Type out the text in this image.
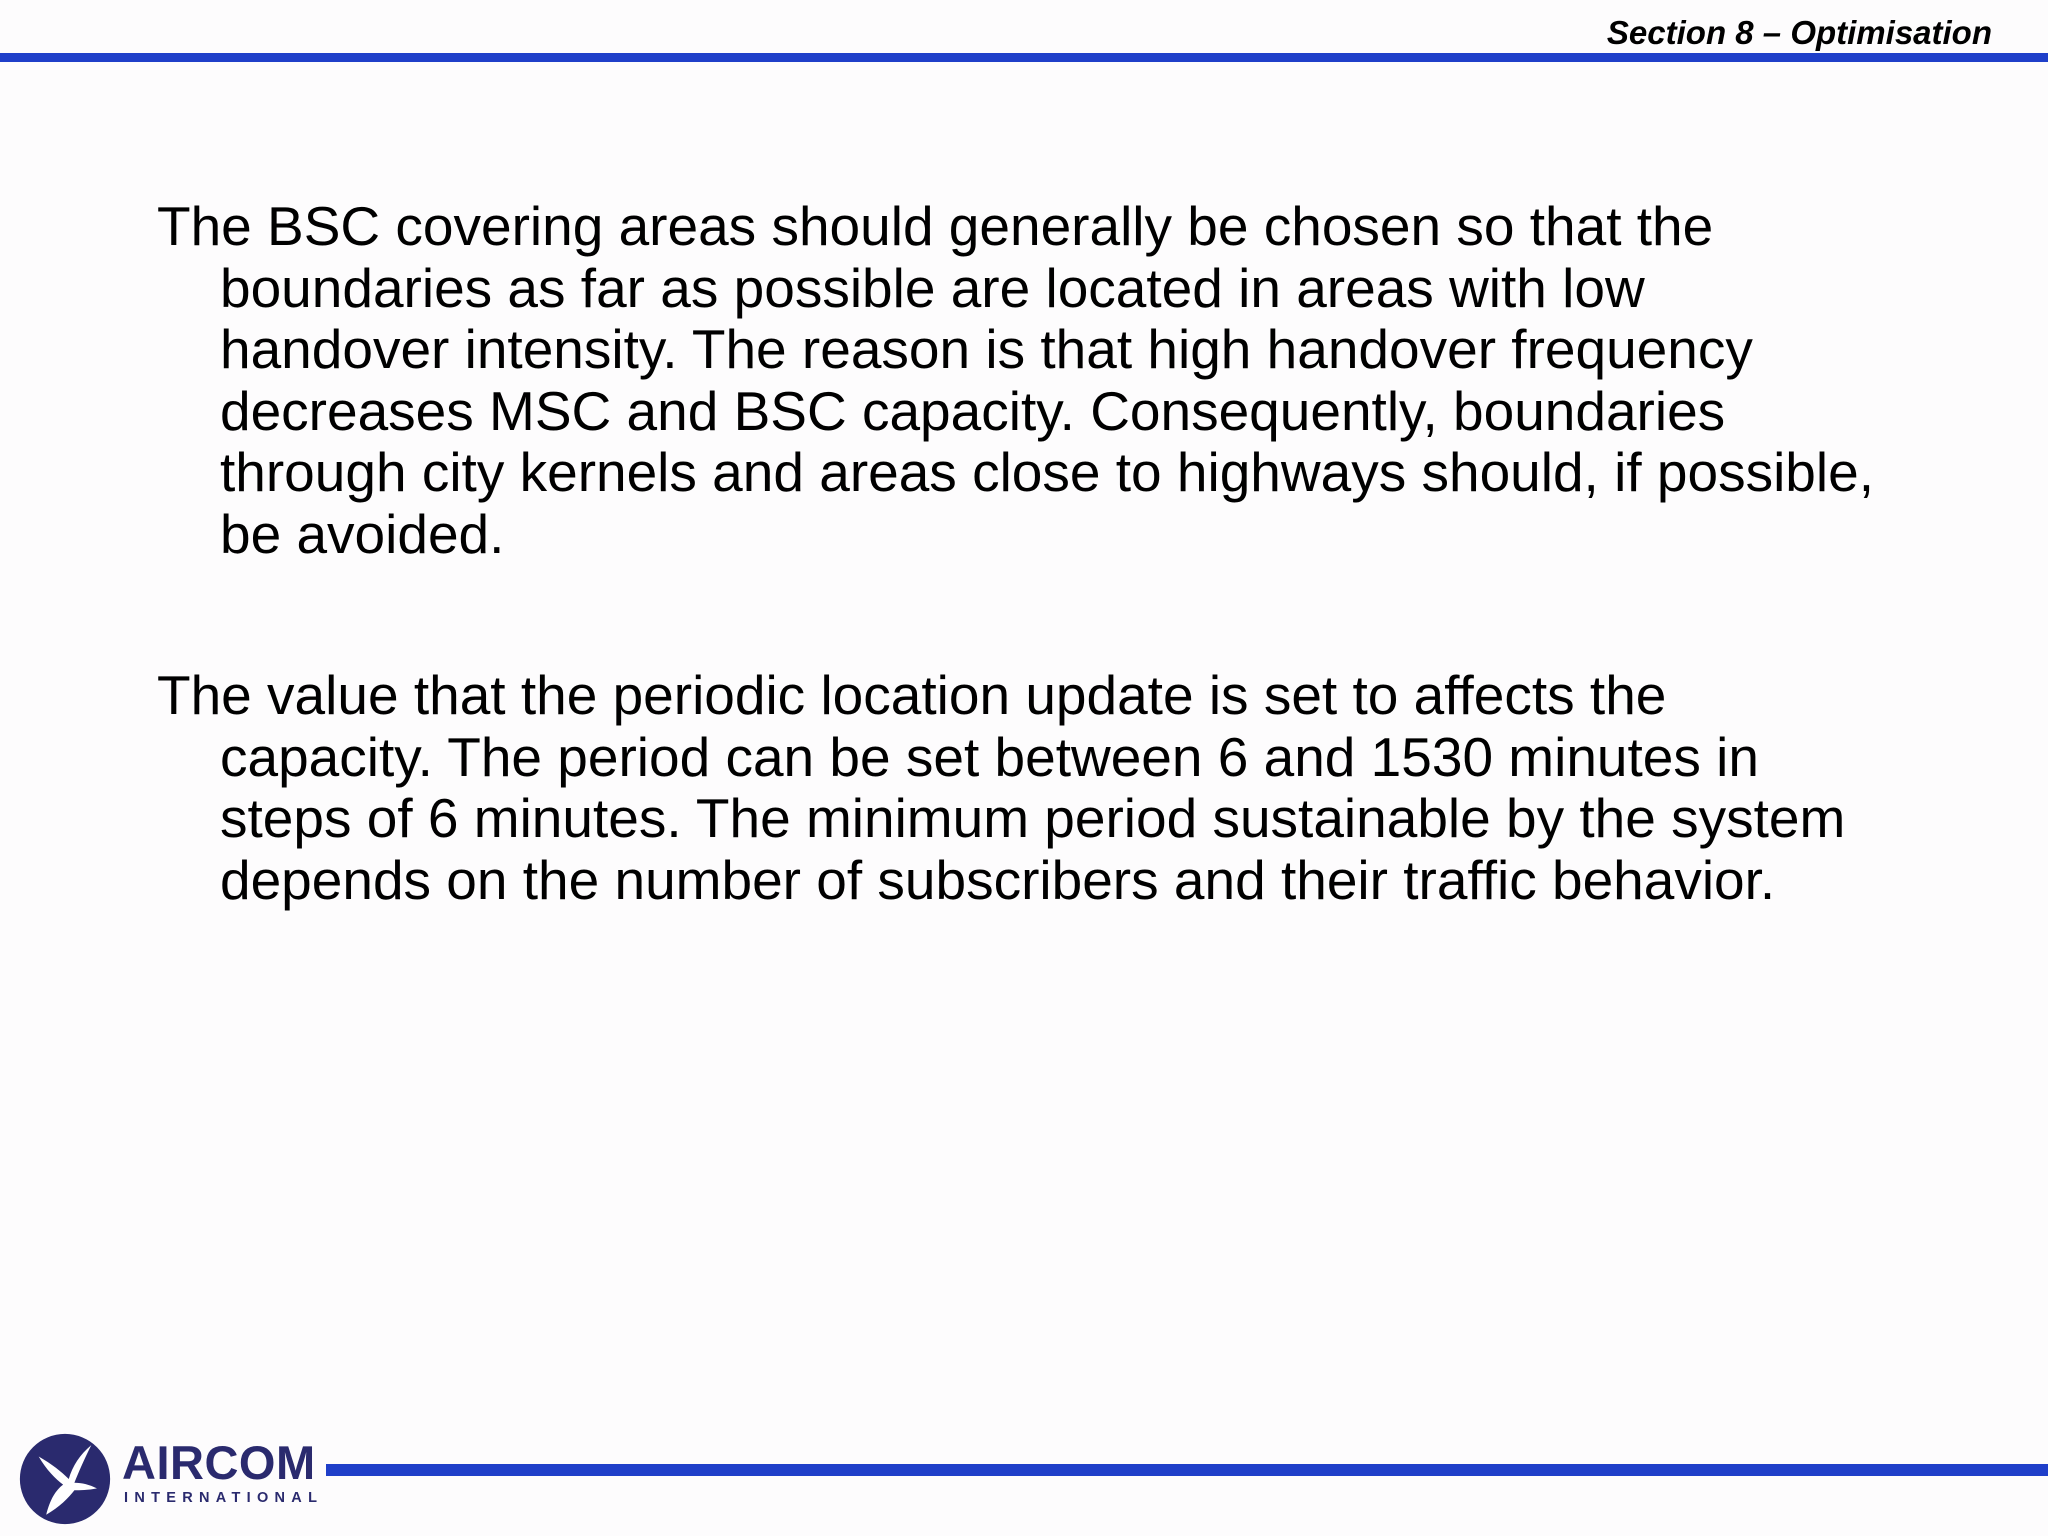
Section 8 – Optimisation

The BSC covering areas should generally be chosen so that the boundaries as far as possible are located in areas with low handover intensity. The reason is that high handover frequency decreases MSC and BSC capacity. Consequently, boundaries through city kernels and areas close to highways should, if possible, be avoided.

The value that the periodic location update is set to affects the capacity. The period can be set between 6 and 1530 minutes in steps of 6 minutes. The minimum period sustainable by the system depends on the number of subscribers and their traffic behavior.

AIRCOM
INTERNATIONAL
